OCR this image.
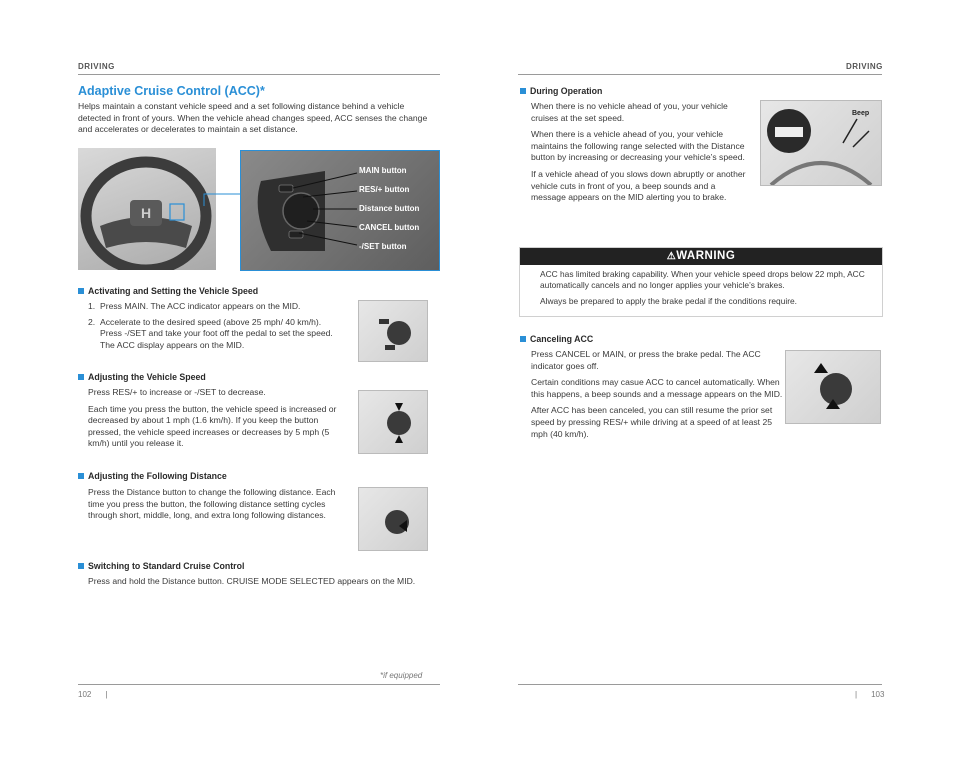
DRIVING
Adaptive Cruise Control (ACC)*
Helps maintain a constant vehicle speed and a set following distance behind a vehicle detected in front of yours. When the vehicle ahead changes speed, ACC senses the change and accelerates or decelerates to maintain a set distance.
H
MAIN button
RES/+ button
Distance button
CANCEL button
-/SET button
Activating and Setting the Vehicle Speed
1. Press MAIN. The ACC indicator appears on the MID.
2. Accelerate to the desired speed (above 25 mph/ 40 km/h). Press -/SET and take your foot off the pedal to set the speed. The ACC display appears on the MID.
Adjusting the Vehicle Speed

Press RES/+ to increase or -/SET to decrease.

Each time you press the button, the vehicle speed is increased or decreased by about 1 mph (1.6 km/h). If you keep the button pressed, the vehicle speed increases or decreases by 5 mph (5 km/h) until you release it.

Adjusting the Following Distance

Press the Distance button to change the following distance. Each time you press the button, the following distance setting cycles through short, middle, long, and extra long following distances.

Switching to Standard Cruise Control
Press and hold the Distance button. CRUISE MODE SELECTED appears on the MID.
*if equipped
102 |
DRIVING
During Operation

When there is no vehicle ahead of you, your vehicle cruises at the set speed.

When there is a vehicle ahead of you, your vehicle maintains the following range selected with the Distance button by increasing or decreasing your vehicle’s speed.

If a vehicle ahead of you slows down abruptly or another vehicle cuts in front of you, a beep sounds and a message appears on the MID alerting you to brake.

Beep
⚠WARNING

ACC has limited braking capability. When your vehicle speed drops below 22 mph, ACC automatically cancels and no longer applies your vehicle’s brakes.

Always be prepared to apply the brake pedal if the conditions require.

Canceling ACC

Press CANCEL or MAIN, or press the brake pedal. The ACC indicator goes off.

Certain conditions may casue ACC to cancel automatically. When this happens, a beep sounds and a message appears on the MID.

After ACC has been canceled, you can still resume the prior set speed by pressing RES/+ while driving at a speed of at least 25 mph (40 km/h).

| 103
